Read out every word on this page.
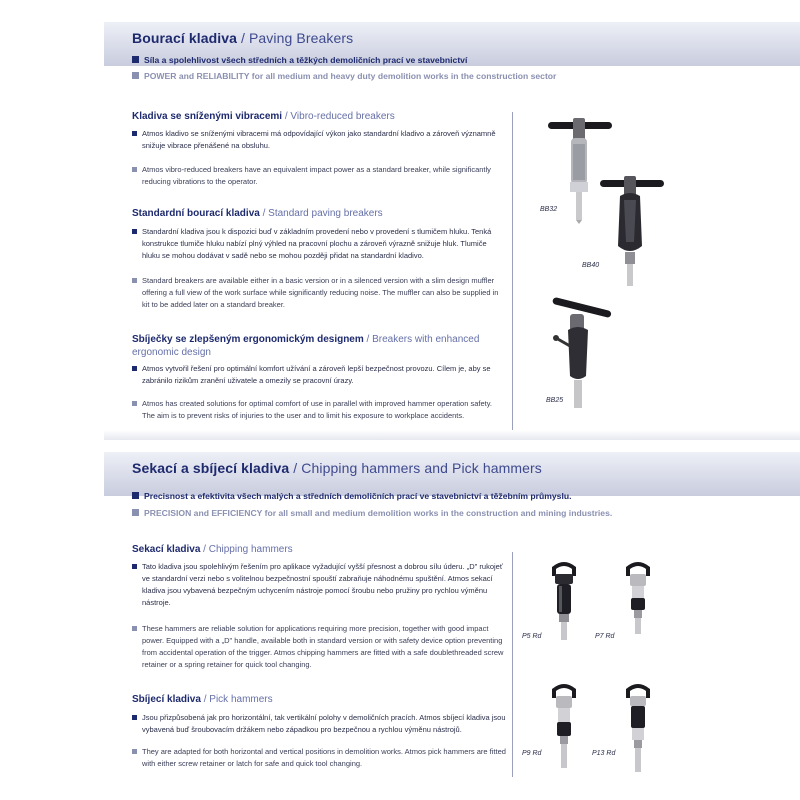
Bourací kladiva / Paving Breakers
Síla a spolehlivost všech středních a těžkých demoličních prací ve stavebnictví
POWER and RELIABILITY for all medium and heavy duty demolition works in the construction sector
Kladiva se sníženými vibracemi / Vibro-reduced breakers
Atmos kladivo se sníženými vibracemi má odpovídající výkon jako standardní kladivo a zároveň významně snižuje vibrace přenášené na obsluhu.
Atmos vibro-reduced breakers have an equivalent impact power as a standard breaker, while significantly reducing vibrations to the operator.
Standardní bourací kladiva / Standard paving breakers
Standardní kladiva jsou k dispozici buď v základním provedení nebo v provedení s tlumičem hluku. Tenká konstrukce tlumiče hluku nabízí plný výhled na pracovní plochu a zároveň výrazně snižuje hluk. Tlumiče hluku se mohou dodávat v sadě nebo se mohou později přidat na standardní kladivo.
Standard breakers are available either in a basic version or in a silenced version with a slim design muffler offering a full view of the work surface while significantly reducing noise. The muffler can also be supplied in kit to be added later on a standard breaker.
Sbíječky se zlepšeným ergonomickým designem / Breakers with enhanced
ergonomic design
Atmos vytvořil řešení pro optimální komfort užívání a zároveň lepší bezpečnost provozu. Cílem je, aby se zabránilo rizikům zranění uživatele a omezily se pracovní úrazy.
Atmos has created solutions for optimal comfort of use in parallel with improved hammer operation safety. The aim is to prevent risks of injuries to the user and to limit his exposure to workplace accidents.
BB32
BB40
BB25
Sekací a sbíjecí kladiva / Chipping hammers and Pick hammers
Precisnost a efektivita všech malých a středních demoličních prací ve stavebnictví a těžebním průmyslu.
PRECISION and EFFICIENCY for all small and medium demolition works in the construction and mining industries.
Sekací kladiva / Chipping hammers
Tato kladiva jsou spolehlivým řešením pro aplikace vyžadující vyšší přesnost a dobrou sílu úderu. „D" rukojeť ve standardní verzi nebo s volitelnou bezpečnostní spouští zabraňuje náhodnému spuštění. Atmos sekací kladiva jsou vybavená bezpečným uchycením nástroje pomocí šroubu nebo pružiny pro rychlou výměnu nástroje.
These hammers are reliable solution for applications requiring more precision, together with good impact power. Equipped with a „D" handle, available both in standard version or with safety device option preventing from accidental operation of the trigger. Atmos chipping hammers are fitted with a safe doublethreaded screw retainer or a spring retainer for quick tool changing.
Sbíjecí kladiva / Pick hammers
Jsou přizpůsobená jak pro horizontální, tak vertikální polohy v demoličních pracích. Atmos sbíjecí kladiva jsou vybavená buď šroubovacím držákem nebo západkou pro bezpečnou a rychlou výměnu nástrojů.
They are adapted for both horizontal and vertical positions in demolition works. Atmos pick hammers are fitted with either screw retainer or latch for safe and quick tool changing.
P5 Rd	P7 Rd
P9 Rd	P13 Rd
